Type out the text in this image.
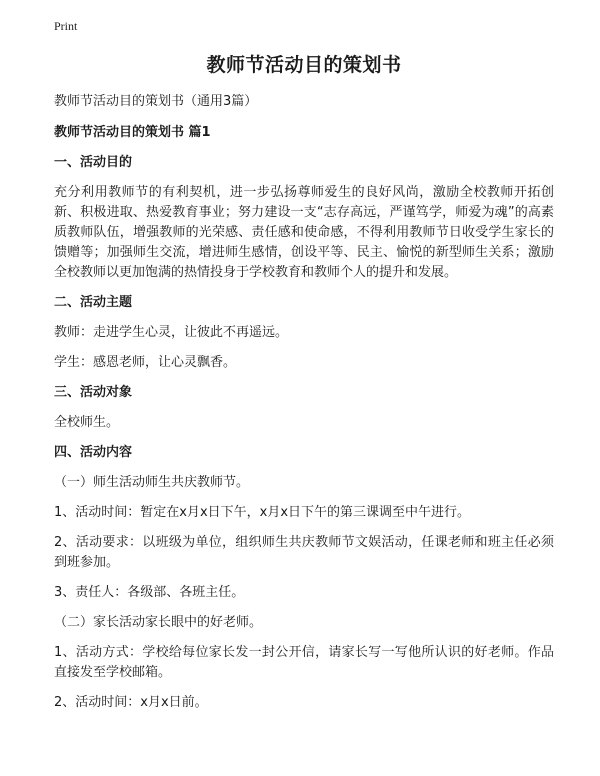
Print
教师节活动目的策划书
教师节活动目的策划书（通用3篇）
教师节活动目的策划书 篇1
一、活动目的
充分利用教师节的有利契机，进一步弘扬尊师爱生的良好风尚，激励全校教师开拓创新、积极进取、热爱教育事业；努力建设一支“志存高远，严谨笃学，师爱为魂”的高素质教师队伍，增强教师的光荣感、责任感和使命感，不得利用教师节日收受学生家长的馈赠等；加强师生交流，增进师生感情，创设平等、民主、愉悦的新型师生关系；激励全校教师以更加饱满的热情投身于学校教育和教师个人的提升和发展。
二、活动主题
教师：走进学生心灵，让彼此不再遥远。
学生：感恩老师，让心灵飘香。
三、活动对象
全校师生。
四、活动内容
（一）师生活动师生共庆教师节。
1、活动时间：暂定在x月x日下午，x月x日下午的第三课调至中午进行。
2、活动要求：以班级为单位，组织师生共庆教师节文娱活动，任课老师和班主任必须到班参加。
3、责任人：各级部、各班主任。
（二）家长活动家长眼中的好老师。
1、活动方式：学校给每位家长发一封公开信，请家长写一写他所认识的好老师。作品直接发至学校邮箱。
2、活动时间：x月x日前。
